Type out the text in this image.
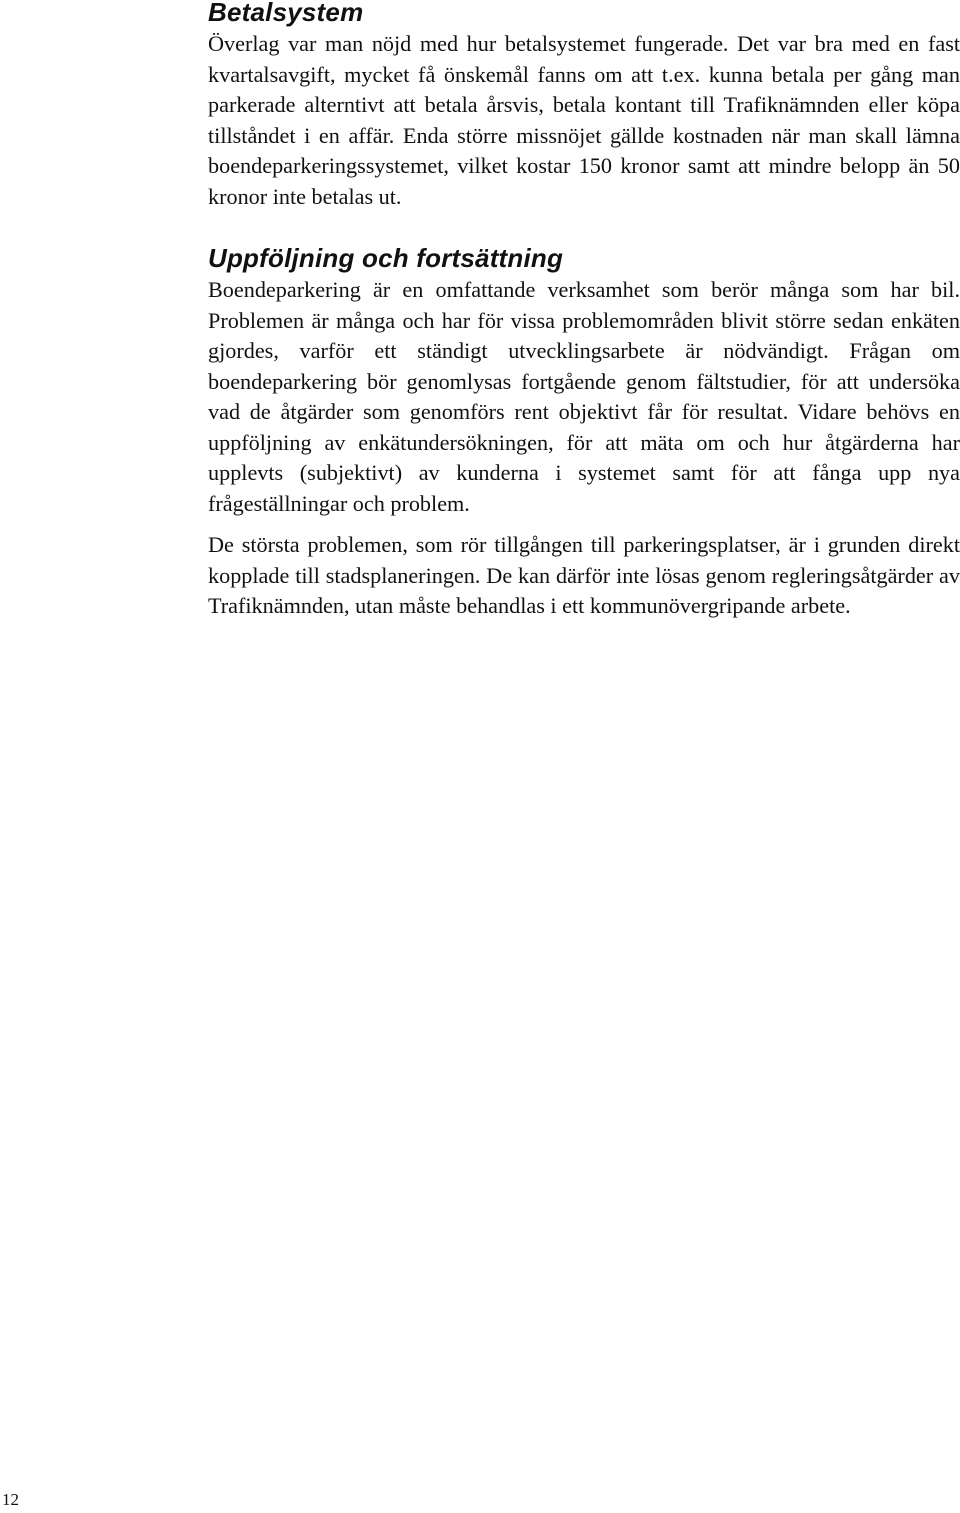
Betalsystem

Överlag var man nöjd med hur betalsystemet fungerade. Det var bra med en fast kvartalsavgift, mycket få önskemål fanns om att t.ex. kunna betala per gång man parkerade alterntivt att betala årsvis, betala kontant till Trafiknämnden eller köpa tillståndet i en affär. Enda större missnöjet gällde kostnaden när man skall lämna boendeparkeringssystemet, vilket kostar 150 kronor samt att mindre belopp än 50 kronor inte betalas ut.

Uppföljning och fortsättning

Boendeparkering är en omfattande verksamhet som berör många som har bil. Problemen är många och har för vissa problemområden blivit större sedan enkäten gjordes, varför ett ständigt utvecklingsarbete är nödvändigt. Frågan om boendeparkering bör genomlysas fortgående genom fältstudier, för att undersöka vad de åtgärder som genomförs rent objektivt får för resultat. Vidare behövs en uppföljning av enkätundersökningen, för att mäta om och hur åtgärderna har upplevts (subjektivt) av kunderna i systemet samt för att fånga upp nya frågeställningar och problem.

De största problemen, som rör tillgången till parkeringsplatser, är i grunden direkt kopplade till stadsplaneringen. De kan därför inte lösas genom regleringsåtgärder av Trafiknämnden, utan måste behandlas i ett kommunövergripande arbete.

12
